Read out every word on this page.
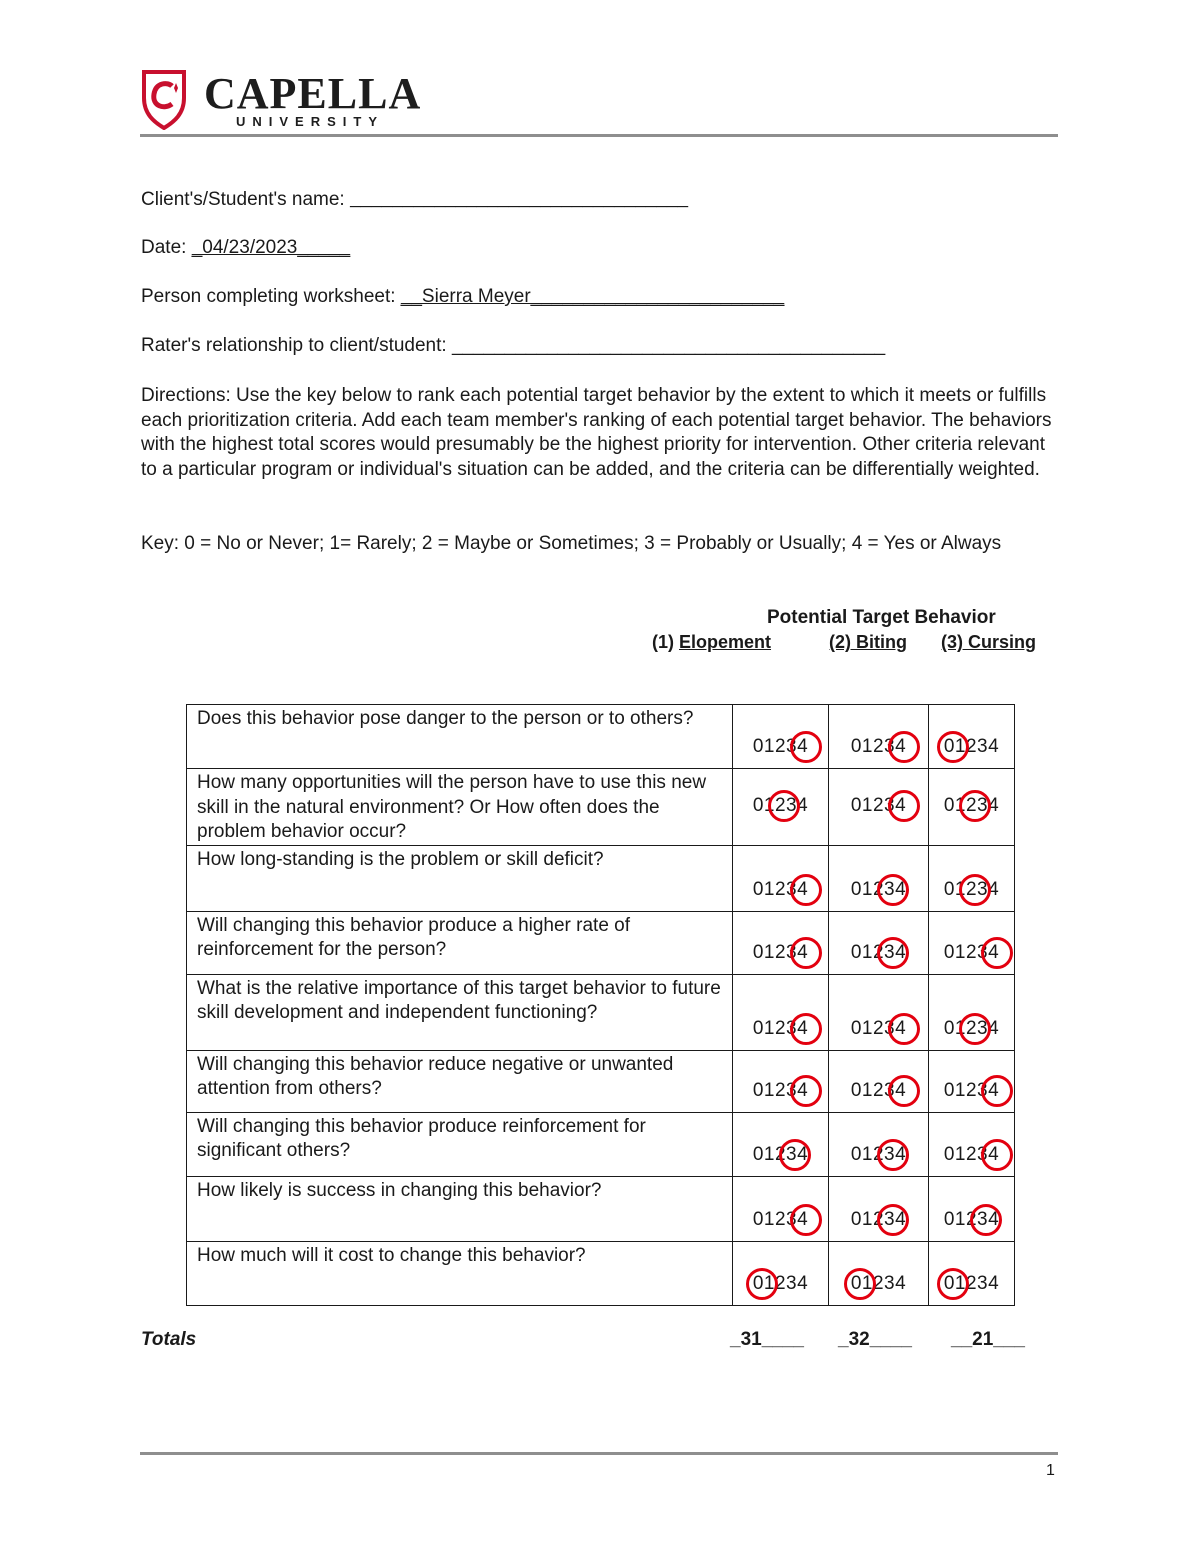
CAPELLA
UNIVERSITY
Client's/Student's name: ________________________________
Date: _04/23/2023_____
Person completing worksheet: __Sierra Meyer________________________
Rater's relationship to client/student: _________________________________________
Directions: Use the key below to rank each potential target behavior by the extent to which it meets or fulfills each prioritization criteria. Add each team member's ranking of each potential target behavior. The behaviors with the highest total scores would presumably be the highest priority for intervention. Other criteria relevant to a particular program or individual's situation can be added, and the criteria can be differentially weighted.
Key: 0 = No or Never; 1= Rarely; 2 = Maybe or Sometimes; 3 = Probably or Usually; 4 = Yes or Always
Potential Target Behavior
(1) Elopement	(2) Biting (3) Cursing
Does this behavior pose danger to the person or to others?	01234	01234	01234

How many opportunities will the person have to use this new skill in the natural environment? Or How often does the problem behavior occur?	01234	01234	01234

How long-standing is the problem or skill deficit?	01234	01234	01234

Will changing this behavior produce a higher rate of reinforcement for the person?	01234	01234	01234

What is the relative importance of this target behavior to future skill development and independent functioning?	01234	01234	01234

Will changing this behavior reduce negative or unwanted attention from others?	01234	01234	01234

Will changing this behavior produce reinforcement for significant others?	01234	01234	01234

How likely is success in changing this behavior?	01234	01234	01234

How much will it cost to change this behavior?	01234	01234	01234
Totals	_31____ _32____ __21___
1
